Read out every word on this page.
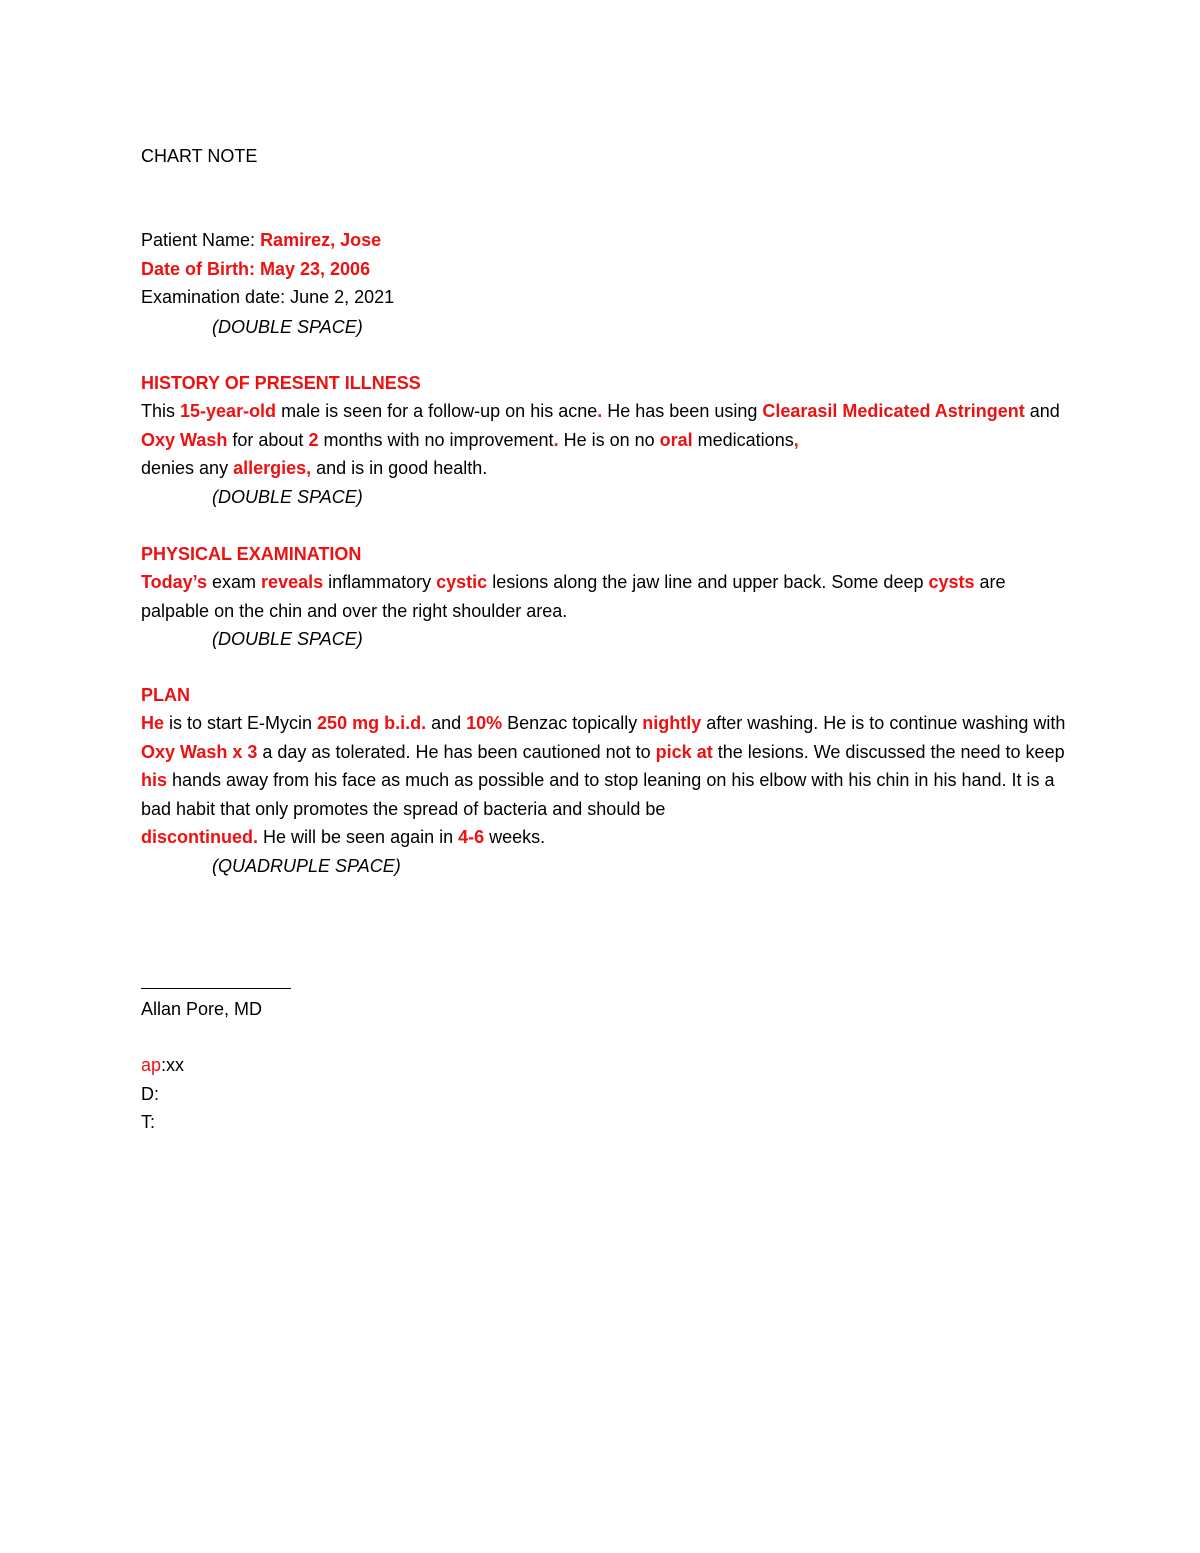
CHART NOTE
Patient Name: Ramirez, Jose
Date of Birth: May 23, 2006
Examination date: June 2, 2021
(DOUBLE SPACE)
HISTORY OF PRESENT ILLNESS
This 15-year-old male is seen for a follow-up on his acne. He has been using Clearasil Medicated Astringent and Oxy Wash for about 2 months with no improvement. He is on no oral medications,
denies any allergies, and is in good health.
(DOUBLE SPACE)
PHYSICAL EXAMINATION
Today’s exam reveals inflammatory cystic lesions along the jaw line and upper back. Some deep cysts are palpable on the chin and over the right shoulder area.
(DOUBLE SPACE)
PLAN
He is to start E-Mycin 250 mg b.i.d. and 10% Benzac topically nightly after washing. He is to continue washing with Oxy Wash x 3 a day as tolerated. He has been cautioned not to pick at the lesions. We discussed the need to keep his hands away from his face as much as possible and to stop leaning on his elbow with his chin in his hand. It is a bad habit that only promotes the spread of bacteria and should be
discontinued. He will be seen again in 4-6 weeks.
(QUADRUPLE SPACE)
Allan Pore, MD
ap:xx
D:
T:
